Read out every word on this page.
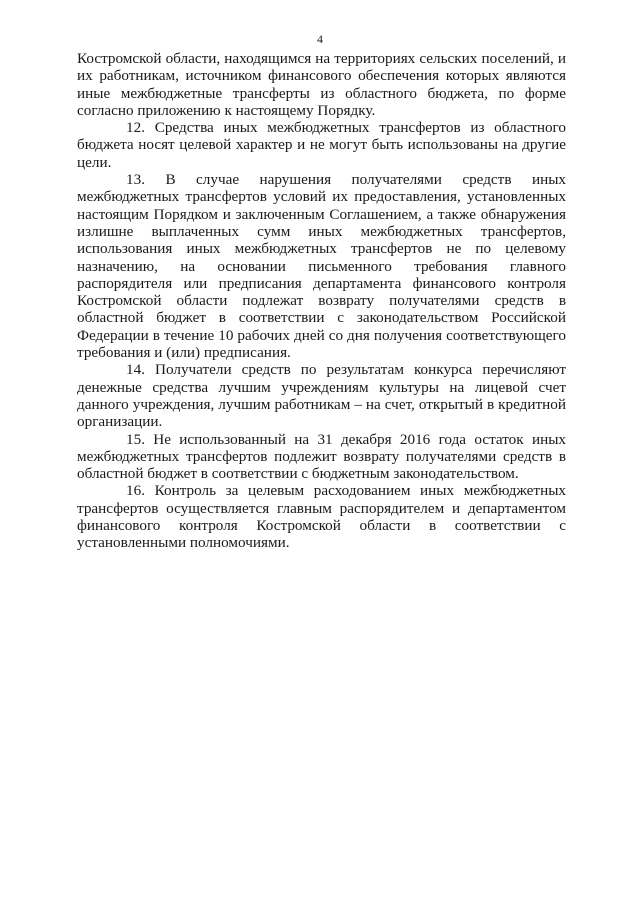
4

Костромской области, находящимся на территориях сельских поселений, и их работникам, источником финансового обеспечения которых являются иные межбюджетные трансферты из областного бюджета, по форме согласно приложению к настоящему Порядку.

12. Средства иных межбюджетных трансфертов из областного бюджета носят целевой характер и не могут быть использованы на другие цели.

13. В случае нарушения получателями средств иных межбюджетных трансфертов условий их предоставления, установленных настоящим Порядком и заключенным Соглашением, а также обнаружения излишне выплаченных сумм иных межбюджетных трансфертов, использования иных межбюджетных трансфертов не по целевому назначению, на основании письменного требования главного распорядителя или предписания департамента финансового контроля Костромской области подлежат возврату получателями средств в областной бюджет в соответствии с законодательством Российской Федерации в течение 10 рабочих дней со дня получения соответствующего требования и (или) предписания.

14. Получатели средств по результатам конкурса перечисляют денежные средства лучшим учреждениям культуры на лицевой счет данного учреждения, лучшим работникам – на счет, открытый в кредитной организации.

15. Не использованный на 31 декабря 2016 года остаток иных межбюджетных трансфертов подлежит возврату получателями средств в областной бюджет в соответствии с бюджетным законодательством.

16. Контроль за целевым расходованием иных межбюджетных трансфертов осуществляется главным распорядителем и департаментом финансового контроля Костромской области в соответствии с установленными полномочиями.
